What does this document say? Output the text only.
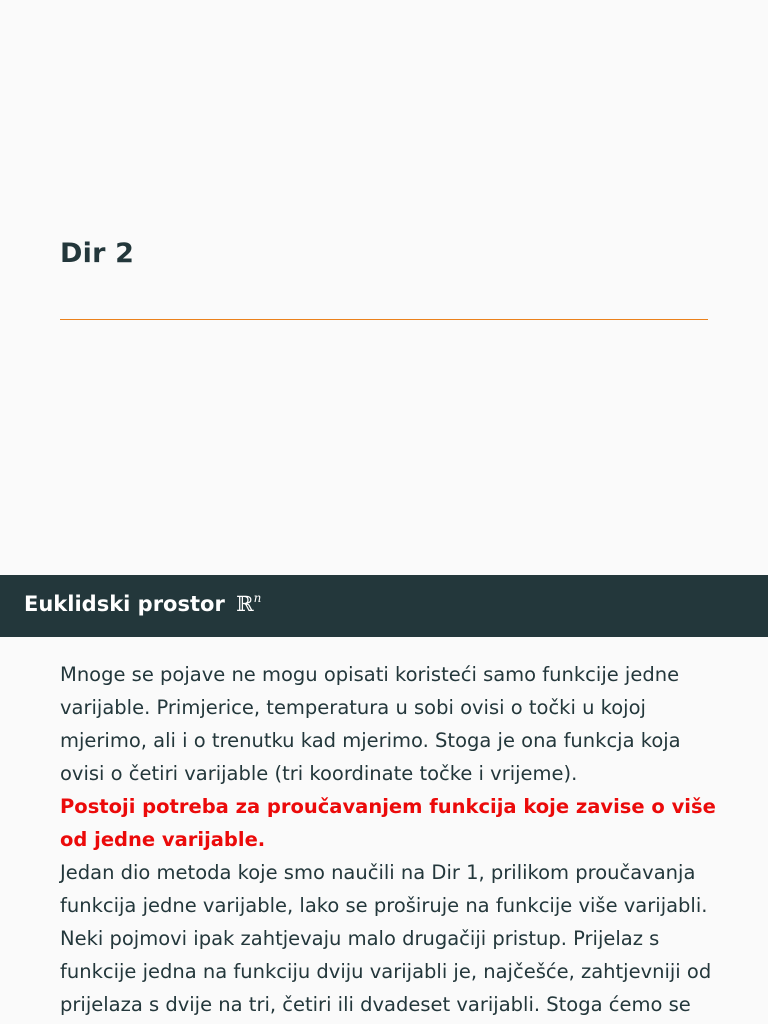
Dir 2
Euklidski prostor ℝ$^n$
Mnoge se pojave ne mogu opisati koristeći samo funkcije jedne
varijable. Primjerice, temperatura u sobi ovisi o točki u kojoj
mjerimo, ali i o trenutku kad mjerimo. Stoga je ona funkcja koja
ovisi o četiri varijable (tri koordinate točke i vrijeme).
Postoji potreba za proučavanjem funkcija koje zavise o više
od jedne varijable.
Jedan dio metoda koje smo naučili na Dir 1, prilikom proučavanja
funkcija jedne varijable, lako se proširuje na funkcije više varijabli.
Neki pojmovi ipak zahtjevaju malo drugačiji pristup. Prijelaz s
funkcije jedna na funkciju dviju varijabli je, najčešće, zahtjevniji od
prijelaza s dvije na tri, četiri ili dvadeset varijabli. Stoga ćemo se
